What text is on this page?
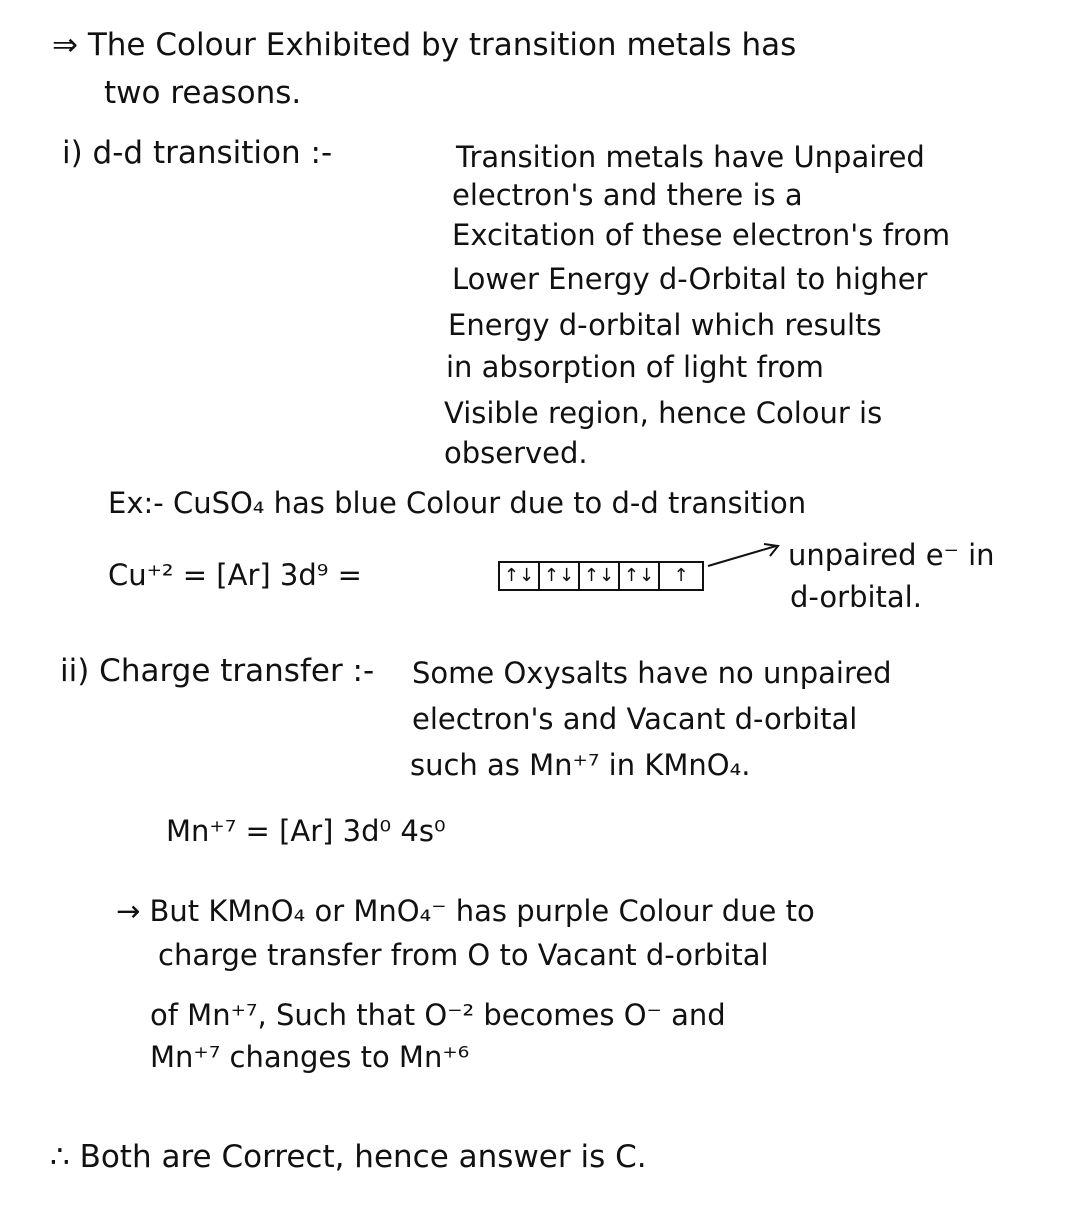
⇒ The Colour Exhibited by transition metals has
two reasons.
i) d-d transition :-	Transition metals have Unpaired
electron's and there is a
Excitation of these electron's from
Lower Energy d-Orbital to higher
Energy d-orbital which results
in absorption of light from
Visible region, hence Colour is
observed.
Ex:- CuSO₄ has blue Colour due to d-d transition
Cu⁺² = [Ar] 3d⁹ =	↑↓ ↑↓ ↑↓ ↑↓	↑
unpaired e⁻ in
d-orbital.
ii) Charge transfer :- Some Oxysalts have no unpaired
electron's and Vacant d-orbital
such as Mn⁺⁷ in KMnO₄.
Mn⁺⁷ = [Ar] 3d⁰ 4s⁰
→ But KMnO₄ or MnO₄⁻ has purple Colour due to
charge transfer from O to Vacant d-orbital
of Mn⁺⁷, Such that O⁻² becomes O⁻ and
Mn⁺⁷ changes to Mn⁺⁶
∴ Both are Correct, hence answer is C.
